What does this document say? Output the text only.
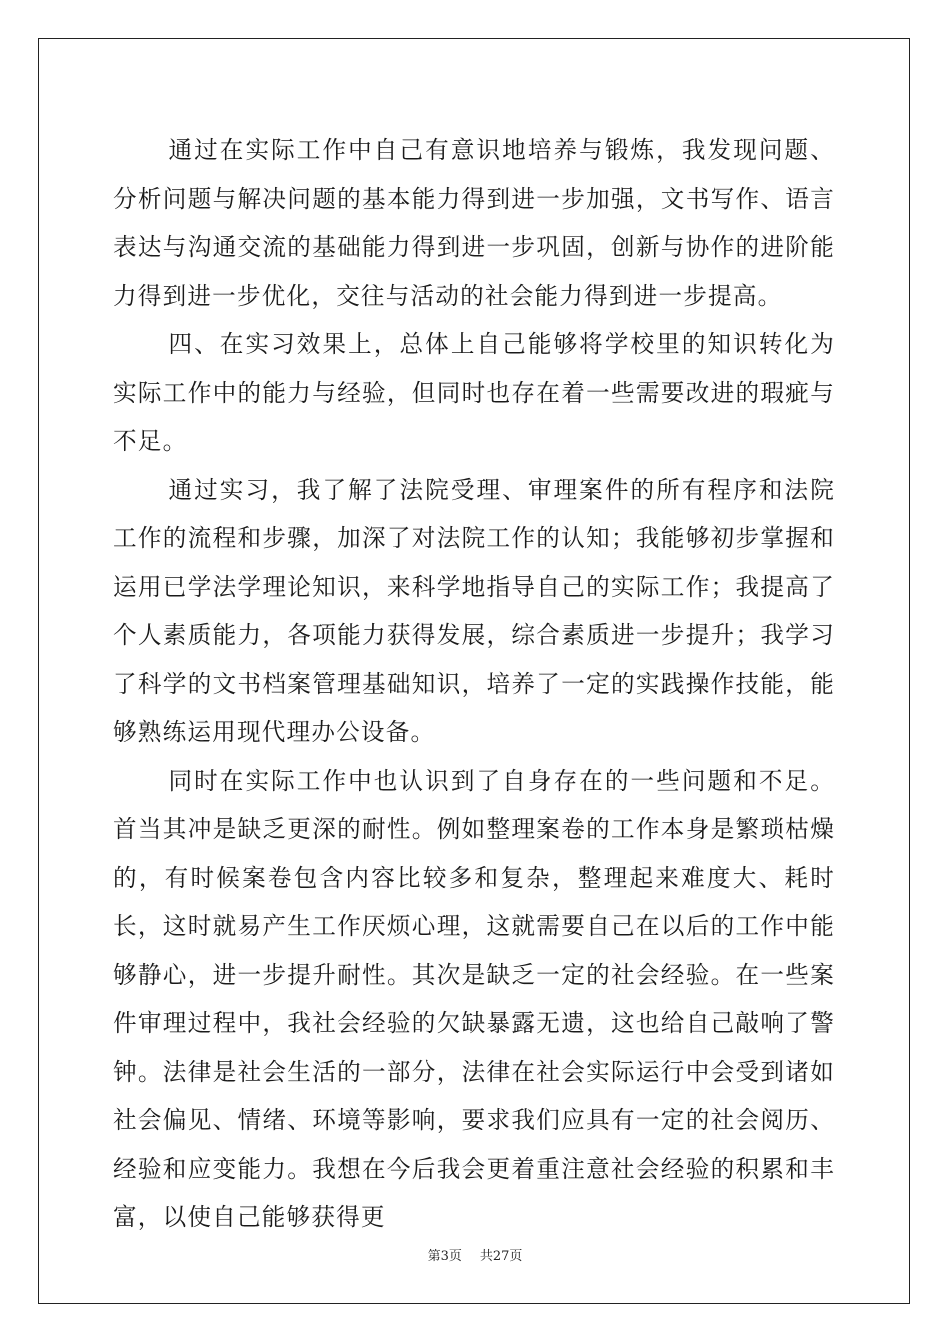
通过在实际工作中自己有意识地培养与锻炼，我发现问题、分析问题与解决问题的基本能力得到进一步加强，文书写作、语言表达与沟通交流的基础能力得到进一步巩固，创新与协作的进阶能力得到进一步优化，交往与活动的社会能力得到进一步提高。

四、在实习效果上，总体上自己能够将学校里的知识转化为实际工作中的能力与经验，但同时也存在着一些需要改进的瑕疵与不足。

通过实习，我了解了法院受理、审理案件的所有程序和法院工作的流程和步骤，加深了对法院工作的认知；我能够初步掌握和运用已学法学理论知识，来科学地指导自己的实际工作；我提高了个人素质能力，各项能力获得发展，综合素质进一步提升；我学习了科学的文书档案管理基础知识，培养了一定的实践操作技能，能够熟练运用现代理办公设备。

同时在实际工作中也认识到了自身存在的一些问题和不足。首当其冲是缺乏更深的耐性。例如整理案卷的工作本身是繁琐枯燥的，有时候案卷包含内容比较多和复杂，整理起来难度大、耗时长，这时就易产生工作厌烦心理，这就需要自己在以后的工作中能够静心，进一步提升耐性。其次是缺乏一定的社会经验。在一些案件审理过程中，我社会经验的欠缺暴露无遗，这也给自己敲响了警钟。法律是社会生活的一部分，法律在社会实际运行中会受到诸如社会偏见、情绪、环境等影响，要求我们应具有一定的社会阅历、经验和应变能力。我想在今后我会更着重注意社会经验的积累和丰富，以使自己能够获得更

第3页 共27页
